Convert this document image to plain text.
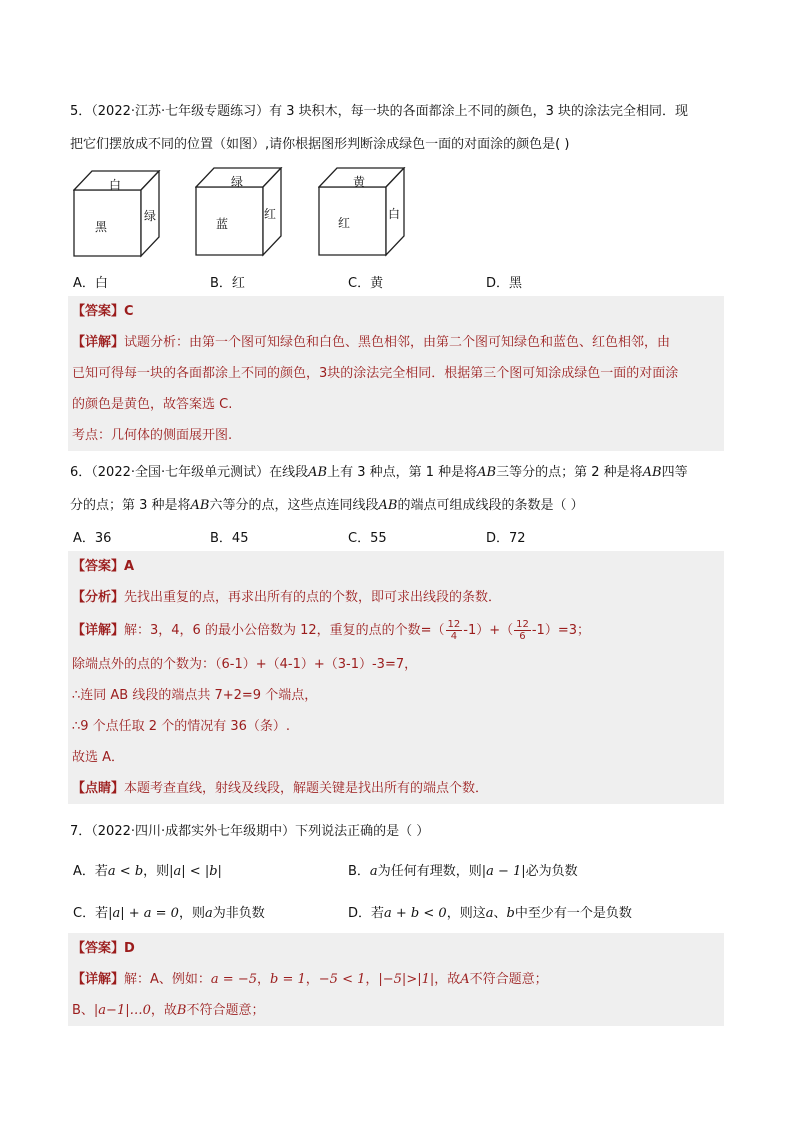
5．（2022·江苏·七年级专题练习）有 3 块积木，每一块的各面都涂上不同的颜色，3 块的涂法完全相同．现
把它们摆放成不同的位置（如图）,请你根据图形判断涂成绿色一面的对面涂的颜色是( )
白
黑
绿
绿
蓝
红
黄
红
白
A．白	B．红	C．黄	D．黑
【答案】C
【详解】试题分析：由第一个图可知绿色和白色、黑色相邻，由第二个图可知绿色和蓝色、红色相邻，由
已知可得每一块的各面都涂上不同的颜色，3块的涂法完全相同．根据第三个图可知涂成绿色一面的对面涂
的颜色是黄色，故答案选 C.
考点：几何体的侧面展开图.
6．（2022·全国·七年级单元测试）在线段AB上有 3 种点，第 1 种是将AB三等分的点；第 2 种是将AB四等
分的点；第 3 种是将AB六等分的点，这些点连同线段AB的端点可组成线段的条数是（ ）
A．36	B．45	C．55	D．72
【答案】A
【分析】先找出重复的点，再求出所有的点的个数，即可求出线段的条数．
【详解】解：3，4，6 的最小公倍数为 12，重复的点的个数=（ $\frac{12}{4} -1)+( \frac{12}{6} -1)=3$；
除端点外的点的个数为：（6-1）+（4-1）+（3-1）-3=7，
∴连同 AB 线段的端点共 7+2=9 个端点，
∴9 个点任取 2 个的情况有 36（条）.
故选 A．
【点睛】本题考查直线，射线及线段，解题关键是找出所有的端点个数．
7．（2022·四川·成都实外七年级期中）下列说法正确的是（ ）
A．若a < b，则|a| < |b|	B．a为任何有理数，则|a − 1|必为负数
C．若|a| + a = 0，则a为非负数	D．若a + b < 0，则这a、b中至少有一个是负数
【答案】D
【详解】解：A、例如：a = −5，b = 1，−5 < 1，|−5|>|1|，故A不符合题意；
B、|a−1|…0，故B不符合题意；
